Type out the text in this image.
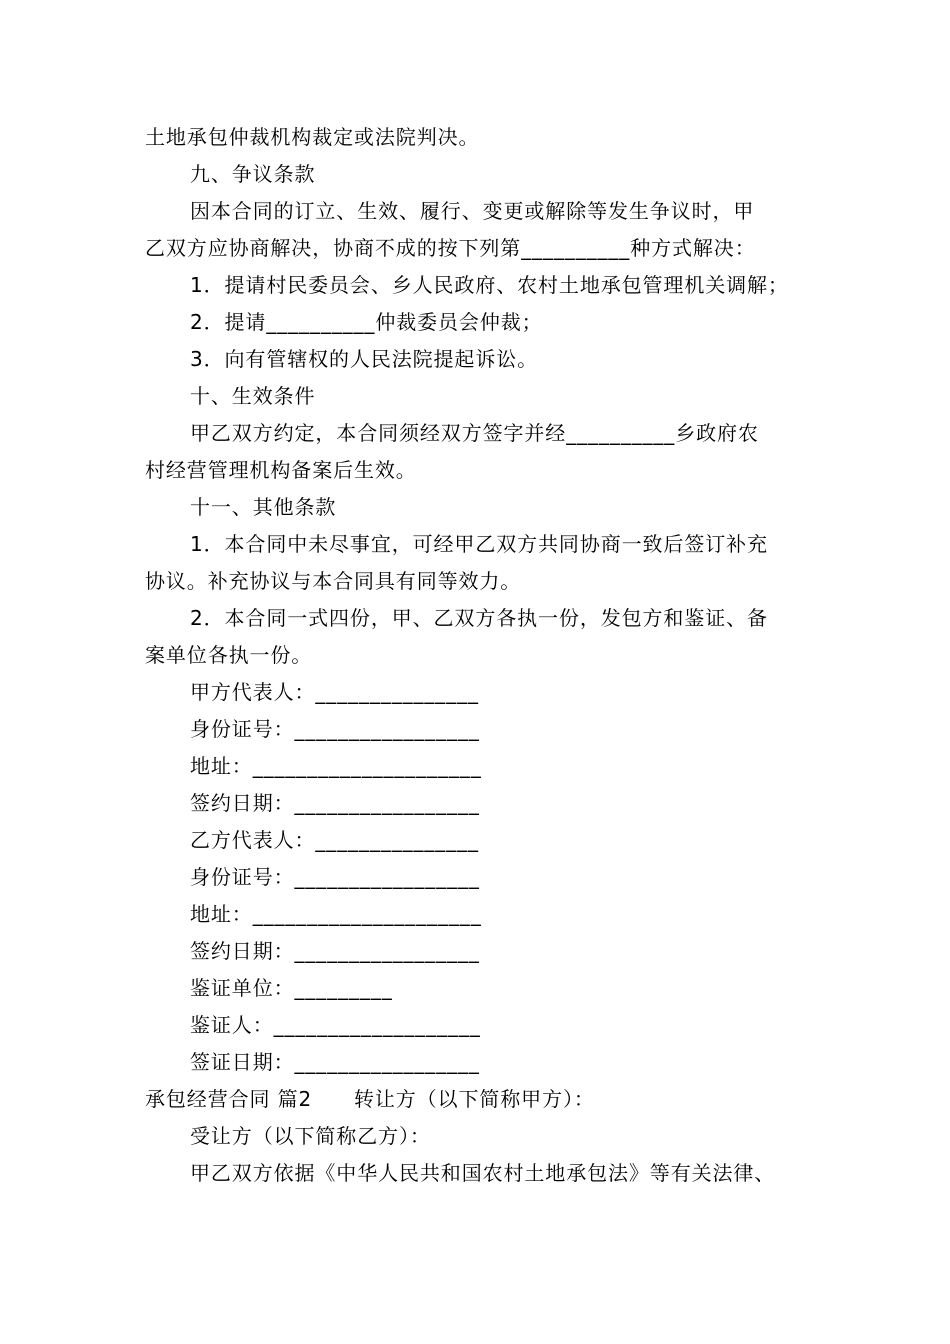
土地承包仲裁机构裁定或法院判决。
九、争议条款
因本合同的订立、生效、履行、变更或解除等发生争议时，甲
乙双方应协商解决，协商不成的按下列第__________种方式解决：
1．提请村民委员会、乡人民政府、农村土地承包管理机关调解；
2．提请__________仲裁委员会仲裁；
3．向有管辖权的人民法院提起诉讼。
十、生效条件
甲乙双方约定，本合同须经双方签字并经__________乡政府农
村经营管理机构备案后生效。
十一、其他条款
1．本合同中未尽事宜，可经甲乙双方共同协商一致后签订补充
协议。补充协议与本合同具有同等效力。
2．本合同一式四份，甲、乙双方各执一份，发包方和鉴证、备
案单位各执一份。
甲方代表人：_______________
身份证号：_________________
地址：_____________________
签约日期：_________________
乙方代表人：_______________
身份证号：_________________
地址：_____________________
签约日期：_________________
鉴证单位：_________
鉴证人：___________________
签证日期：_________________
承包经营合同 篇2　　转让方（以下简称甲方）：
受让方（以下简称乙方）：
甲乙双方依据《中华人民共和国农村土地承包法》等有关法律、
